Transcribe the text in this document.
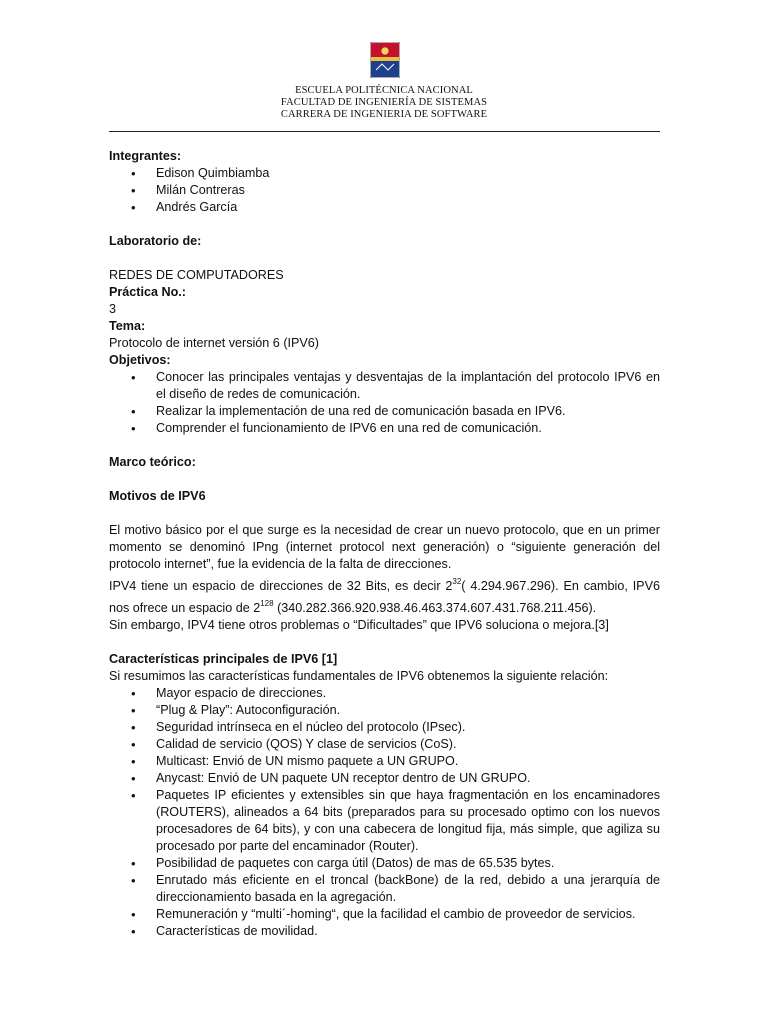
ESCUELA POLITÉCNICA NACIONAL
FACULTAD DE INGENIERÍA DE SISTEMAS
CARRERA DE INGENIERIA DE SOFTWARE
Integrantes:
• Edison Quimbiamba
• Milán Contreras
• Andrés García
Laboratorio de:
REDES DE COMPUTADORES
Práctica No.:
3
Tema:
Protocolo de internet versión 6 (IPV6)
Objetivos:
• Conocer las principales ventajas y desventajas de la implantación del protocolo IPV6 en el diseño de redes de comunicación.
• Realizar la implementación de una red de comunicación basada en IPV6.
• Comprender el funcionamiento de IPV6 en una red de comunicación.
Marco teórico:
Motivos de IPV6

El motivo básico por el que surge es la necesidad de crear un nuevo protocolo, que en un primer momento se denominó IPng (internet protocol next generación) o “siguiente generación del protocolo internet”, fue la evidencia de la falta de direcciones.

IPV4 tiene un espacio de direcciones de 32 Bits, es decir $2^{32}$( 4.294.967.296). En cambio, IPV6 nos ofrece un espacio de $2^{128}$ (340.282.366.920.938.46.463.374.607.431.768.211.456).

Sin embargo, IPV4 tiene otros problemas o “Dificultades” que IPV6 soluciona o mejora.[3]

Características principales de IPV6 [1]
Si resumimos las características fundamentales de IPV6 obtenemos la siguiente relación:
• Mayor espacio de direcciones.
• “Plug & Play”: Autoconfiguración.
• Seguridad intrínseca en el núcleo del protocolo (IPsec).
• Calidad de servicio (QOS) Y clase de servicios (CoS).
• Multicast: Envió de UN mismo paquete a UN GRUPO.
• Anycast: Envió de UN paquete UN receptor dentro de UN GRUPO.
• Paquetes IP eficientes y extensibles sin que haya fragmentación en los encaminadores (ROUTERS), alineados a 64 bits (preparados para su procesado optimo con los nuevos procesadores de 64 bits), y con una cabecera de longitud fija, más simple, que agiliza su procesado por parte del encaminador (Router).
• Posibilidad de paquetes con carga útil (Datos) de mas de 65.535 bytes.
• Enrutado más eficiente en el troncal (backBone) de la red, debido a una jerarquía de direccionamiento basada en la agregación.
• Remuneración y “multi´-homing“, que la facilidad el cambio de proveedor de servicios.
• Características de movilidad.
